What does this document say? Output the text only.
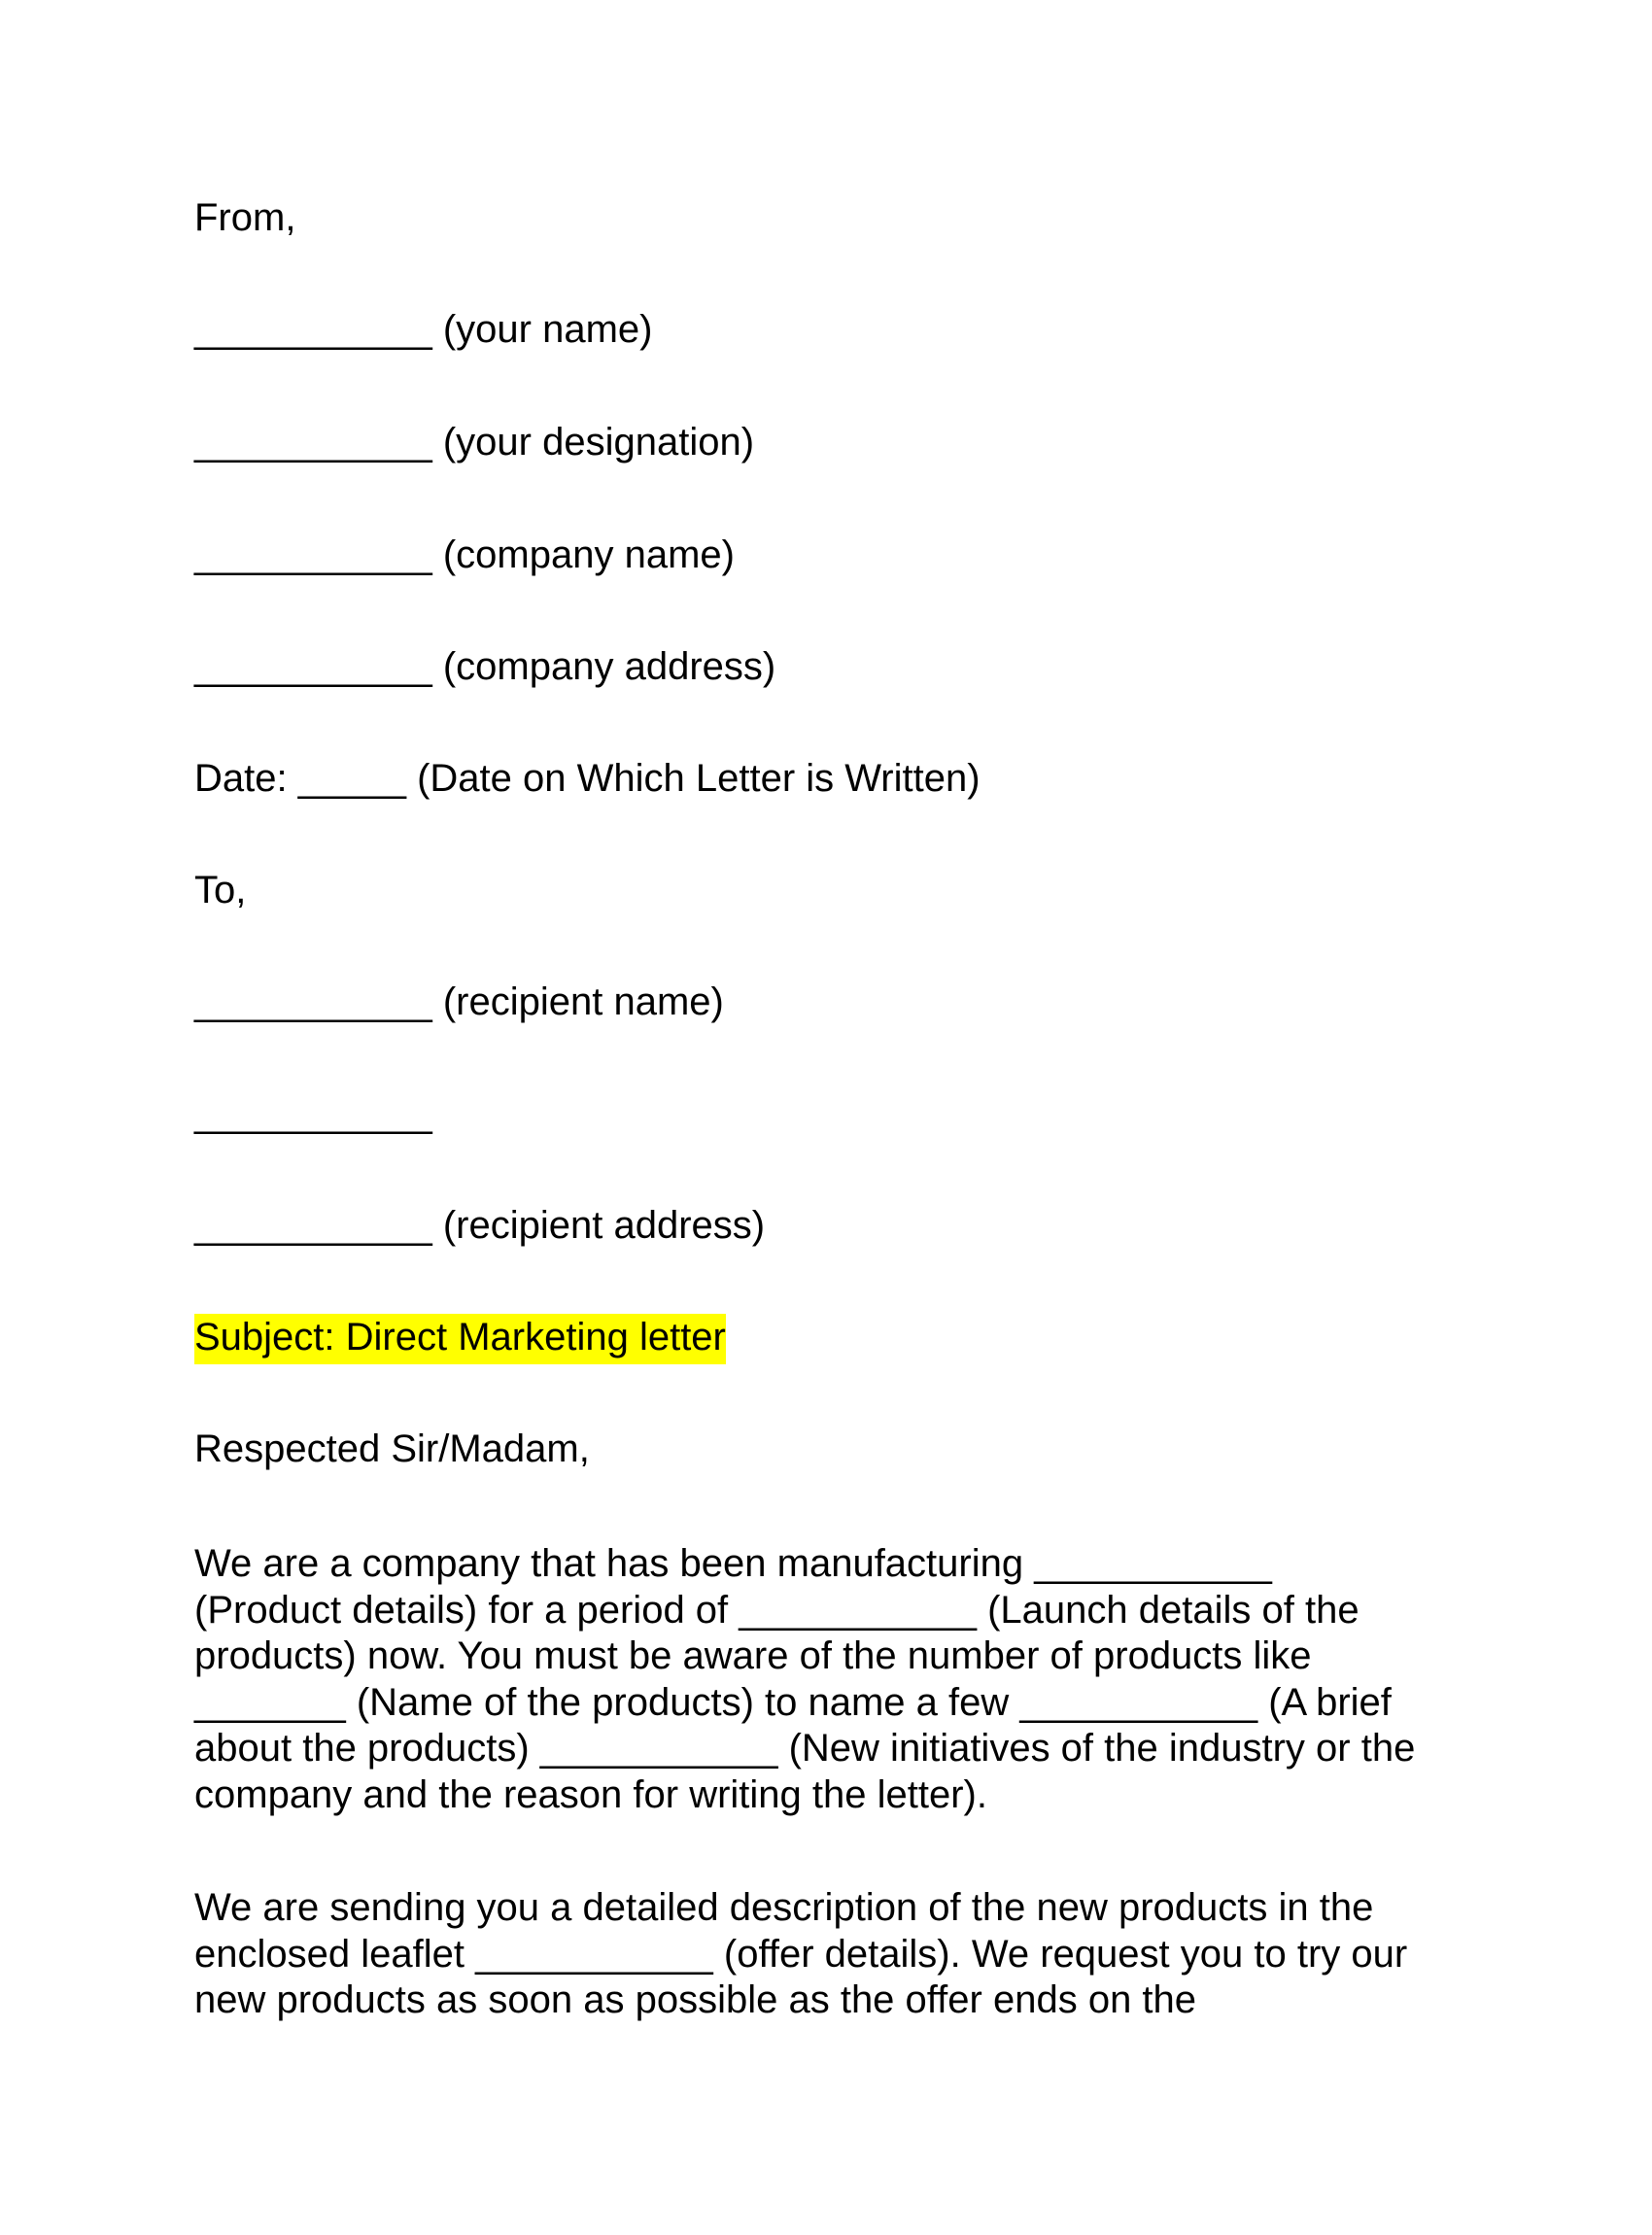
From,
___________ (your name)
___________ (your designation)
___________ (company name)
___________ (company address)
Date: _____ (Date on Which Letter is Written)
To,
___________ (recipient name)
___________
___________ (recipient address)
Subject: Direct Marketing letter
Respected Sir/Madam,
We are a company that has been manufacturing ___________
(Product details) for a period of ___________ (Launch details of the
products) now. You must be aware of the number of products like
_______ (Name of the products) to name a few ___________ (A brief
about the products) ___________ (New initiatives of the industry or the
company and the reason for writing the letter).
We are sending you a detailed description of the new products in the
enclosed leaflet ___________ (offer details). We request you to try our
new products as soon as possible as the offer ends on the
